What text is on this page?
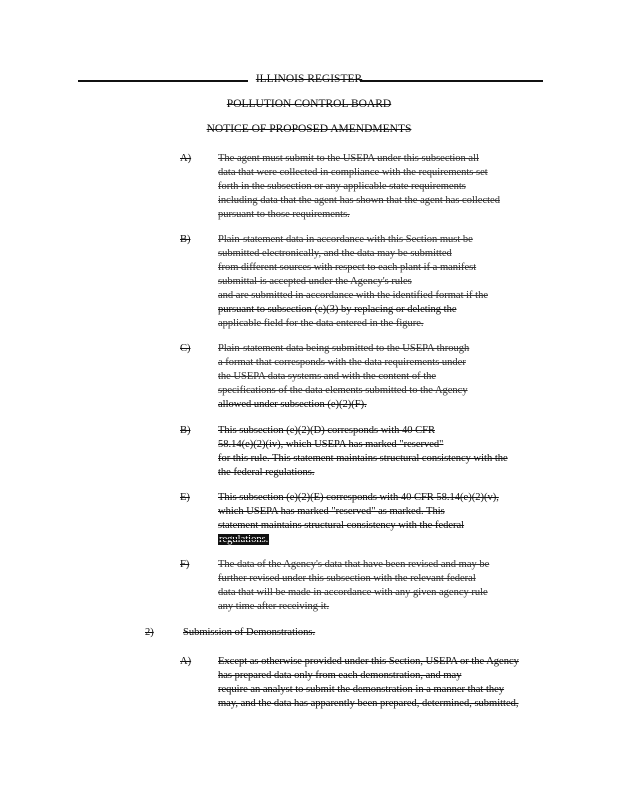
ILLINOIS REGISTER
POLLUTION CONTROL BOARD
NOTICE OF PROPOSED AMENDMENTS
A)	The agent must submit to the USEPA under this subsection all
data that were collected in compliance with the requirements set
forth in the subsection or any applicable state requirements
including data that the agent has shown that the agent has collected
pursuant to those requirements.
B)	Plain-statement data in accordance with this Section must be
submitted electronically, and the data may be submitted
from different sources with respect to each plant if a manifest
submittal is accepted under the Agency's rules
and are submitted in accordance with the identified format if the
pursuant to subsection (e)(3) by replacing or deleting the
applicable field for the data entered in the figure.
C)	Plain-statement data being submitted to the USEPA through
a format that corresponds with the data requirements under
the USEPA data systems and with the content of the
specifications of the data elements submitted to the Agency
allowed under subsection (e)(2)(F).
B)	This subsection (e)(2)(D) corresponds with 40 CFR
58.14(e)(2)(iv), which USEPA has marked "reserved"
for this rule. This statement maintains structural consistency with the
the federal regulations.
E)	This subsection (e)(2)(E) corresponds with 40 CFR 58.14(e)(2)(v),
which USEPA has marked "reserved" as marked. This
statement maintains structural consistency with the federal
regulations.
F)	The data of the Agency's data that have been revised and may be
further revised under this subsection with the relevant federal
data that will be made in accordance with any given agency rule
any time after receiving it.
2)	Submission of Demonstrations.
A)	Except as otherwise provided under this Section, USEPA or the Agency
has prepared data only from each demonstration, and may
require an analyst to submit the demonstration in a manner that they
may, and the data has apparently been prepared, determined, submitted,
